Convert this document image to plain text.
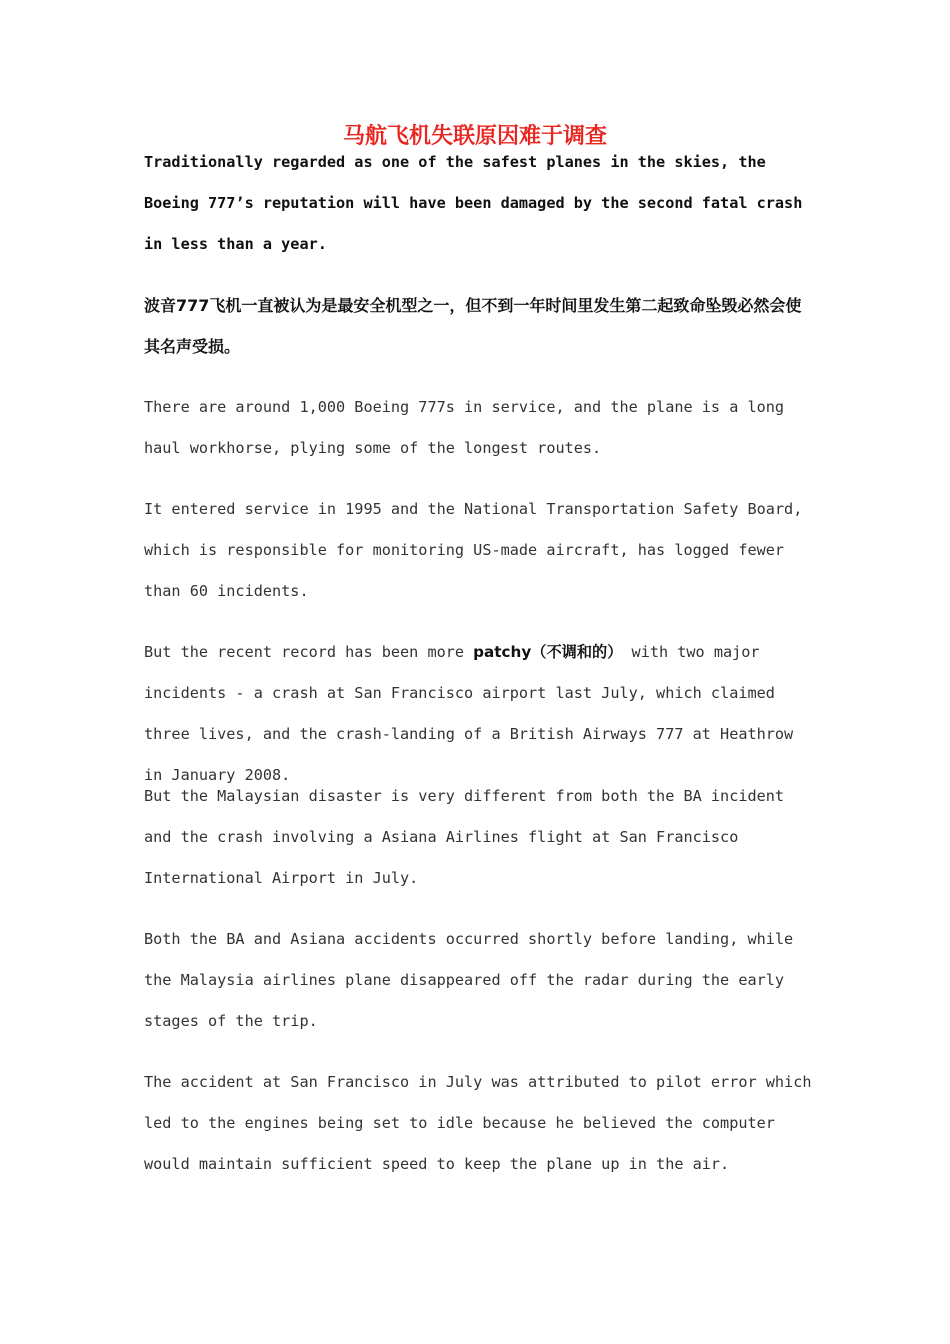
马航飞机失联原因难于调查

Traditionally regarded as one of the safest planes in the skies, the Boeing 777’s reputation will have been damaged by the second fatal crash in less than a year.

波音777飞机一直被认为是最安全机型之一，但不到一年时间里发生第二起致命坠毁必然会使其名声受损。

There are around 1,000 Boeing 777s in service, and the plane is a long haul workhorse, plying some of the longest routes.

It entered service in 1995 and the National Transportation Safety Board, which is responsible for monitoring US-made aircraft, has logged fewer than 60 incidents.

But the recent record has been more patchy（不调和的） with two major incidents - a crash at San Francisco airport last July, which claimed three lives, and the crash-landing of a British Airways 777 at Heathrow in January 2008.

But the Malaysian disaster is very different from both the BA incident and the crash involving a Asiana Airlines flight at San Francisco International Airport in July.

Both the BA and Asiana accidents occurred shortly before landing, while the Malaysia airlines plane disappeared off the radar during the early stages of the trip.

The accident at San Francisco in July was attributed to pilot error which led to the engines being set to idle because he believed the computer would maintain sufficient speed to keep the plane up in the air.
